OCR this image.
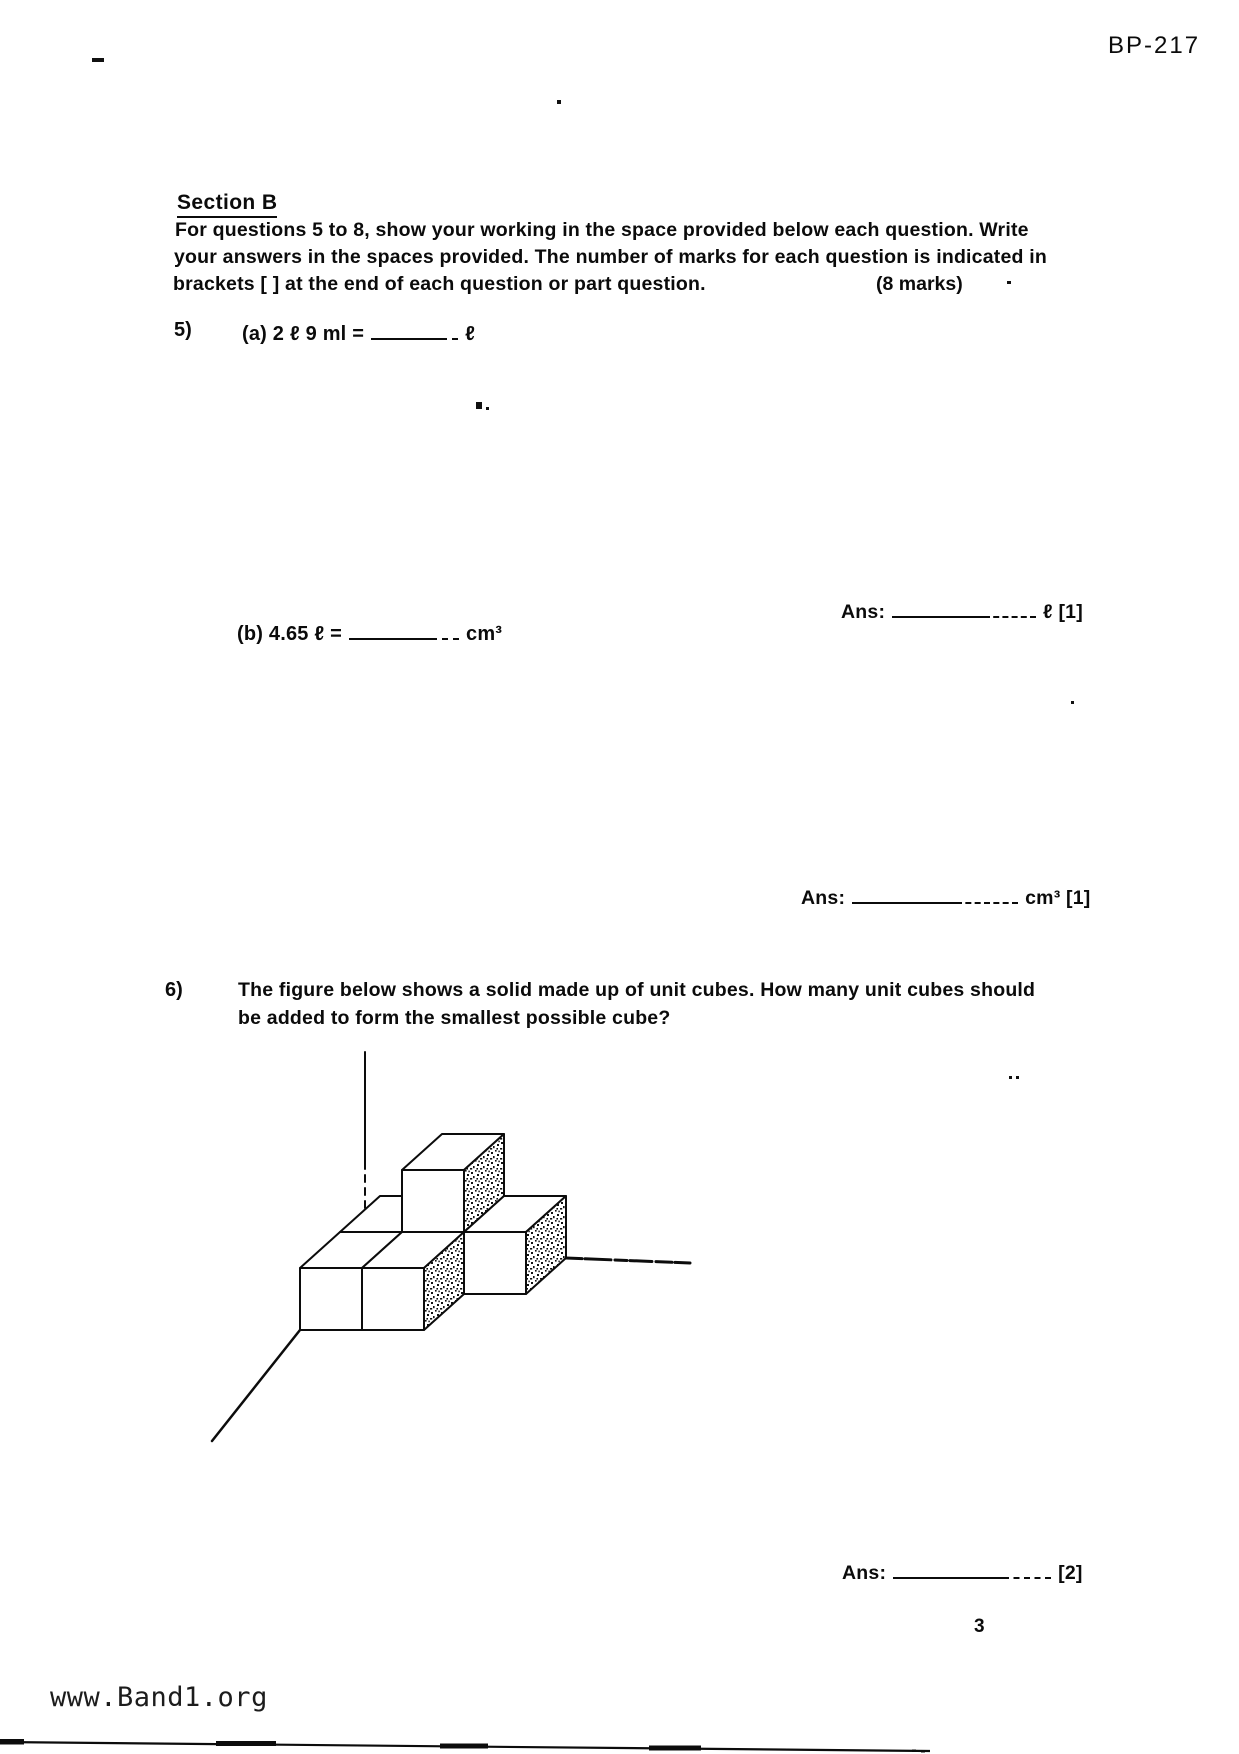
BP-217
Section B
For questions 5 to 8, show your working in the space provided below each question. Write
your answers in the spaces provided. The number of marks for each question is indicated in
brackets [ ] at the end of each question or part question.	(8 marks)
5)	(a) 2 ℓ 9 ml =	ℓ
Ans:	ℓ [1]
(b) 4.65 ℓ =	cm³
Ans:	cm³ [1]
6)	The figure below shows a solid made up of unit cubes. How many unit cubes should
be added to form the smallest possible cube?
Ans:	[2]
3
www.Band1.org
